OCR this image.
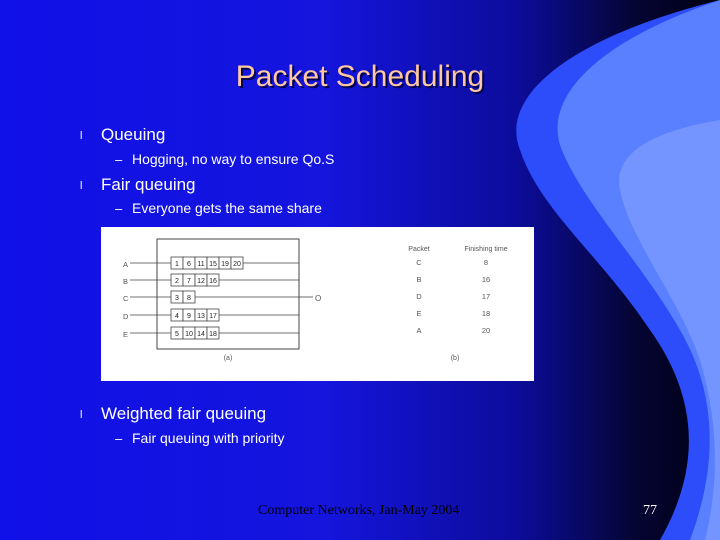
Packet Scheduling
l Queuing
– Hogging, no way to ensure Qo.S
l Fair queuing
– Everyone gets the same share
A	1 6 11 15 19 20
B	2 7 12 16
C	3 8
D	4 9 13 17
E	5 10 14 18
O
(a)
Packet	Finishing time
C	8
B	16
D	17
E	18
A	20
(b)
l Weighted fair queuing
– Fair queuing with priority
Computer Networks, Jan-May 2004	77
